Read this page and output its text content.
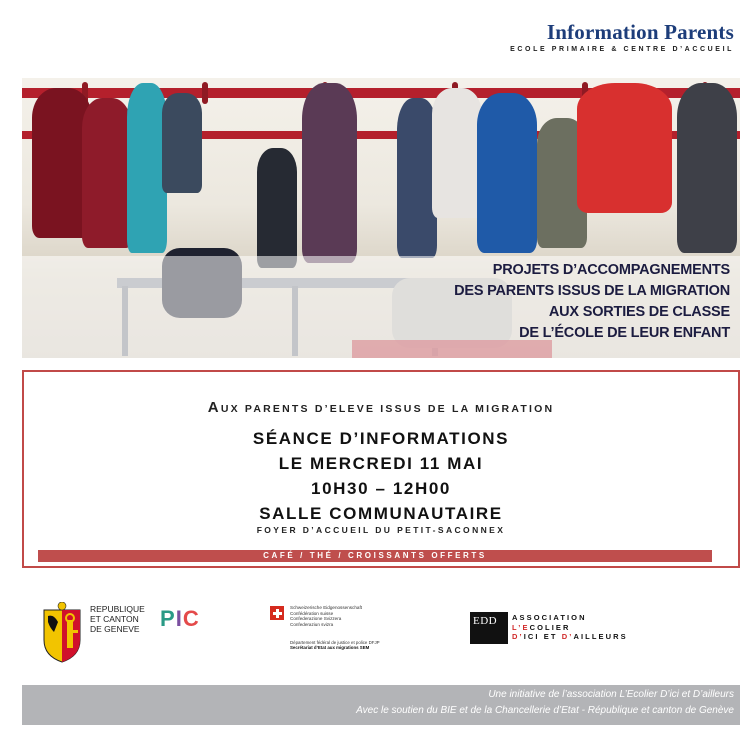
Information Parents
ECOLE PRIMAIRE & CENTRE D’ACCUEIL
PROJETS D’ACCOMPAGNEMENTS
DES PARENTS ISSUS DE LA MIGRATION
AUX SORTIES DE CLASSE
DE L’ÉCOLE DE LEUR ENFANT
AUX PARENTS D’ELEVE ISSUS DE LA MIGRATION
SÉANCE D’INFORMATIONS
LE MERCREDI 11 MAI
10H30 – 12H00
SALLE COMMUNAUTAIRE
FOYER D’ACCUEIL DU PETIT-SACONNEX
CAFÉ / THÉ / CROISSANTS OFFERTS
REPUBLIQUE
ET CANTON
DE GENEVE PIC	Schweizerische Eidgenossenschaft
Confédération suisse
Confederazione Svizzera
Confederaziun svizra
Département fédéral de justice et police DFJP
Secrétariat d’Etat aux migrations SEM
EDD	ASSOCIATION
L’ECOLIER
D’ICI ET D’AILLEURS
Une initiative de l’association L’Ecolier D’ici et D’ailleurs
Avec le soutien du BIE et de la Chancellerie d’Etat - République et canton de Genève
